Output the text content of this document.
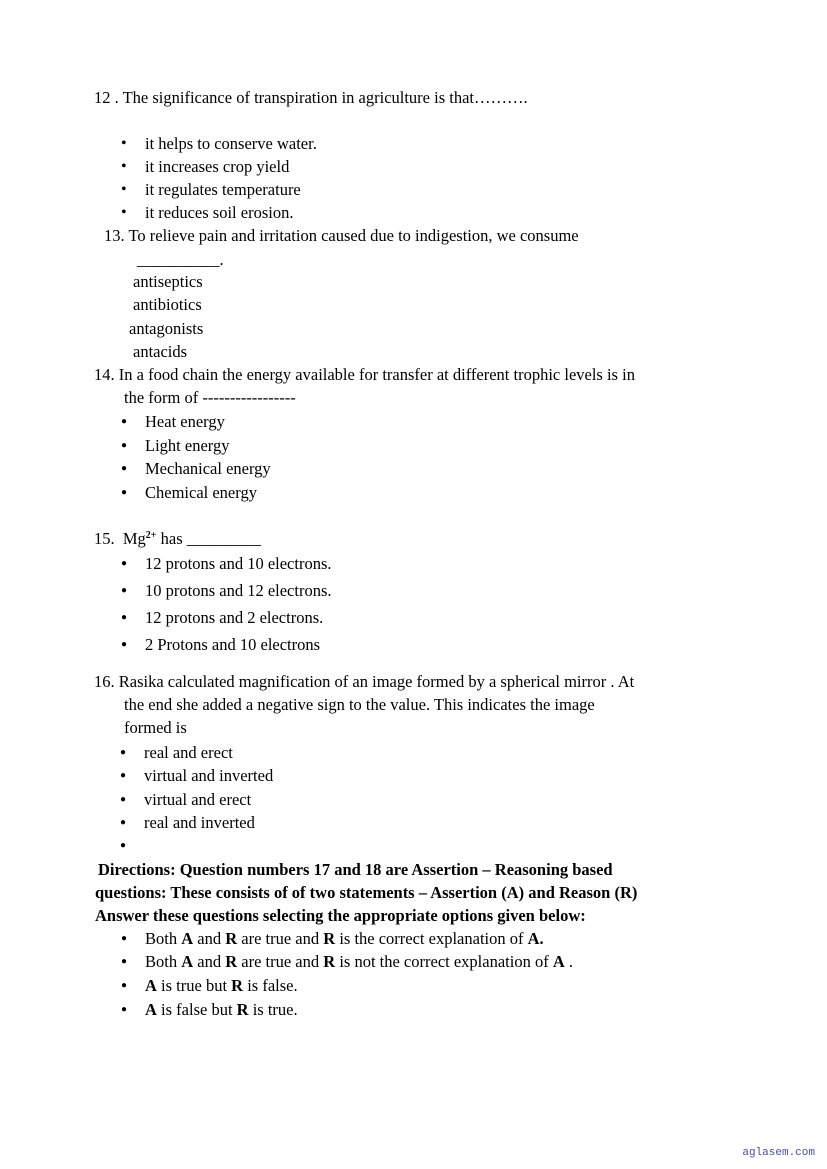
12 . The significance of transpiration in agriculture is that……….
• it helps to conserve water.
• it increases crop yield
• it regulates temperature
• it reduces soil erosion.
13. To relieve pain and irritation caused due to indigestion, we consume
__________.
antiseptics
antibiotics
antagonists
antacids
14. In a food chain the energy available for transfer at different trophic levels is in
the form of -----------------
● Heat energy
● Light energy
● Mechanical energy
● Chemical energy
15. $Mg^{2+}$ has _________
● 12 protons and 10 electrons.
● 10 protons and 12 electrons.
● 12 protons and 2 electrons.
● 2 Protons and 10 electrons
16. Rasika calculated magnification of an image formed by a spherical mirror . At
the end she added a negative sign to the value. This indicates the image
formed is
● real and erect
● virtual and inverted
● virtual and erect
● real and inverted
●
Directions: Question numbers 17 and 18 are Assertion – Reasoning based
questions: These consists of of two statements – Assertion (A) and Reason (R)
Answer these questions selecting the appropriate options given below:
● Both A and R are true and R is the correct explanation of A.
● Both A and R are true and R is not the correct explanation of A .
● A is true but R is false.
● A is false but R is true.
aglasem.com
